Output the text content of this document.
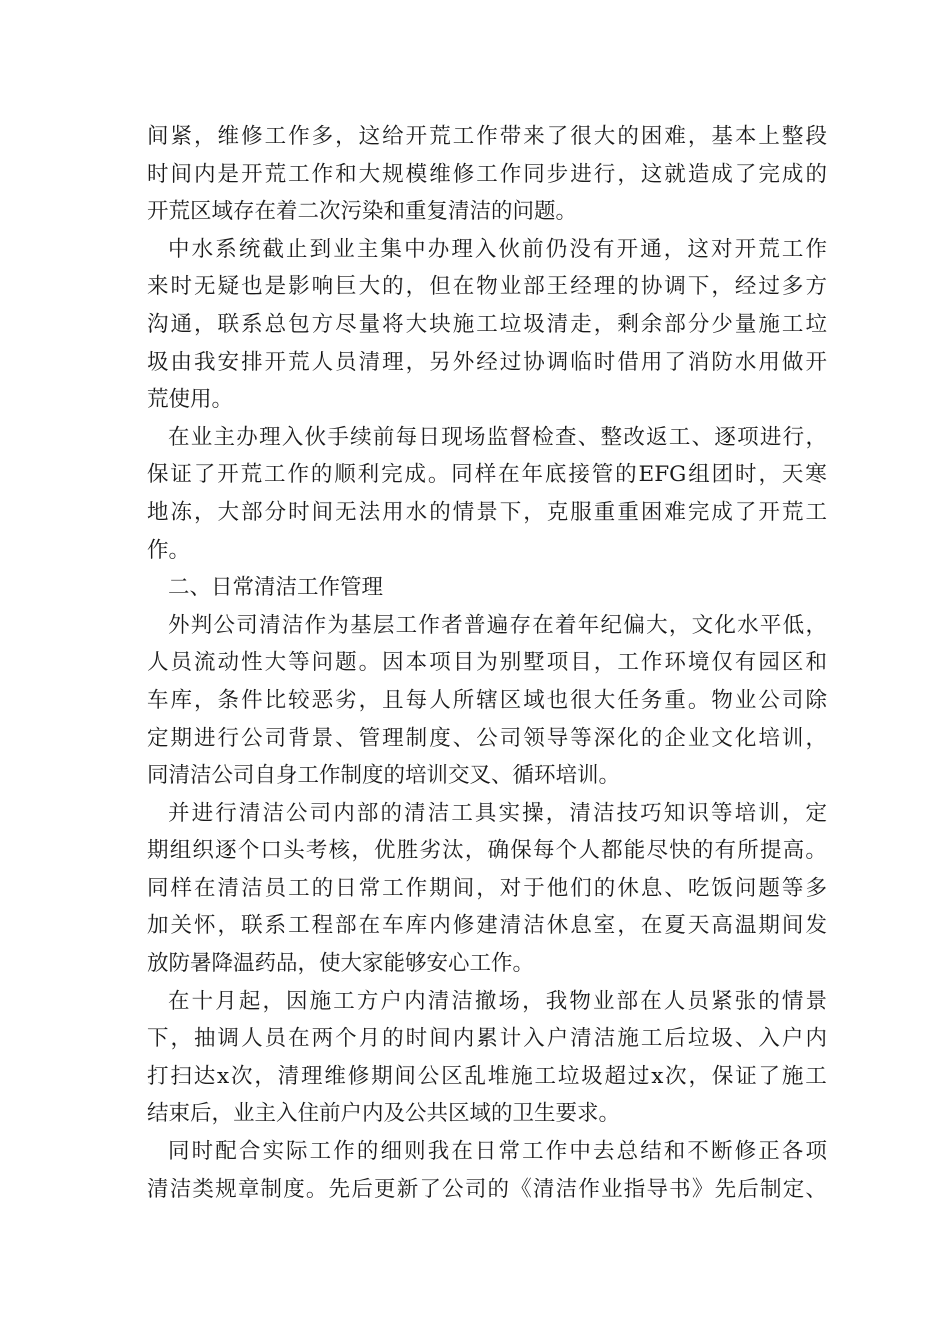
间 紧 ， 维 修 工 作 多 ， 这 给 开 荒 工 作 带 来 了 很 大 的 困 难 ， 基 本 上 整 段
时 间 内 是 开 荒 工 作 和 大 规 模 维 修 工 作 同 步 进 行 ， 这 就 造 成 了 完 成 的
开荒区域存在着二次污染和重复清洁的问题。
中 水 系 统 截 止 到 业 主 集 中 办 理 入 伙 前 仍 没 有 开 通 ， 这 对 开 荒 工 作
来 时 无 疑 也 是 影 响 巨 大 的 ， 但 在 物 业 部 王 经 理 的 协 调 下 ， 经 过 多 方
沟 通 ， 联 系 总 包 方 尽 量 将 大 块 施 工 垃 圾 清 走 ， 剩 余 部 分 少 量 施 工 垃
圾 由 我 安 排 开 荒 人 员 清 理 ， 另 外 经 过 协 调 临 时 借 用 了 消 防 水 用 做 开
荒使用。
在 业 主 办 理 入 伙 手 续 前 每 日 现 场 监 督 检 查 、 整 改 返 工 、 逐 项 进 行 ，
保 证 了 开 荒 工 作 的 顺 利 完 成 。 同 样 在 年 底 接 管 的 EFG 组 团 时 ， 天 寒
地 冻 ， 大 部 分 时 间 无 法 用 水 的 情 景 下 ， 克 服 重 重 困 难 完 成 了 开 荒 工
作。
二、日常清洁工作管理
外 判 公 司 清 洁 作 为 基 层 工 作 者 普 遍 存 在 着 年 纪 偏 大 ， 文 化 水 平 低 ，
人 员 流 动 性 大 等 问 题 。 因 本 项 目 为 别 墅 项 目 ， 工 作 环 境 仅 有 园 区 和
车 库 ， 条 件 比 较 恶 劣 ， 且 每 人 所 辖 区 域 也 很 大 任 务 重 。 物 业 公 司 除
定 期 进 行 公 司 背 景 、 管 理 制 度 、 公 司 领 导 等 深 化 的 企 业 文 化 培 训 ，
同清洁公司自身工作制度的培训交叉、循环培训。
并 进 行 清 洁 公 司 内 部 的 清 洁 工 具 实 操 ， 清 洁 技 巧 知 识 等 培 训 ， 定
期 组 织 逐 个 口 头 考 核 ， 优 胜 劣 汰 ， 确 保 每 个 人 都 能 尽 快 的 有 所 提 高 。
同 样 在 清 洁 员 工 的 日 常 工 作 期 间 ， 对 于 他 们 的 休 息 、 吃 饭 问 题 等 多
加 关 怀 ， 联 系 工 程 部 在 车 库 内 修 建 清 洁 休 息 室 ， 在 夏 天 高 温 期 间 发
放防暑降温药品，使大家能够安心工作。
在 十 月 起 ， 因 施 工 方 户 内 清 洁 撤 场 ， 我 物 业 部 在 人 员 紧 张 的 情 景
下 ， 抽 调 人 员 在 两 个 月 的 时 间 内 累 计 入 户 清 洁 施 工 后 垃 圾 、 入 户 内
打 扫 达 x 次 ， 清 理 维 修 期 间 公 区 乱 堆 施 工 垃 圾 超 过 x 次 ， 保 证 了 施 工
结束后，业主入住前户内及公共区域的卫生要求。
同 时 配 合 实 际 工 作 的 细 则 我 在 日 常 工 作 中 去 总 结 和 不 断 修 正 各 项
清 洁 类 规 章 制 度 。 先 后 更 新 了 公 司 的 《 清 洁 作 业 指 导 书 》 先 后 制 定 、
